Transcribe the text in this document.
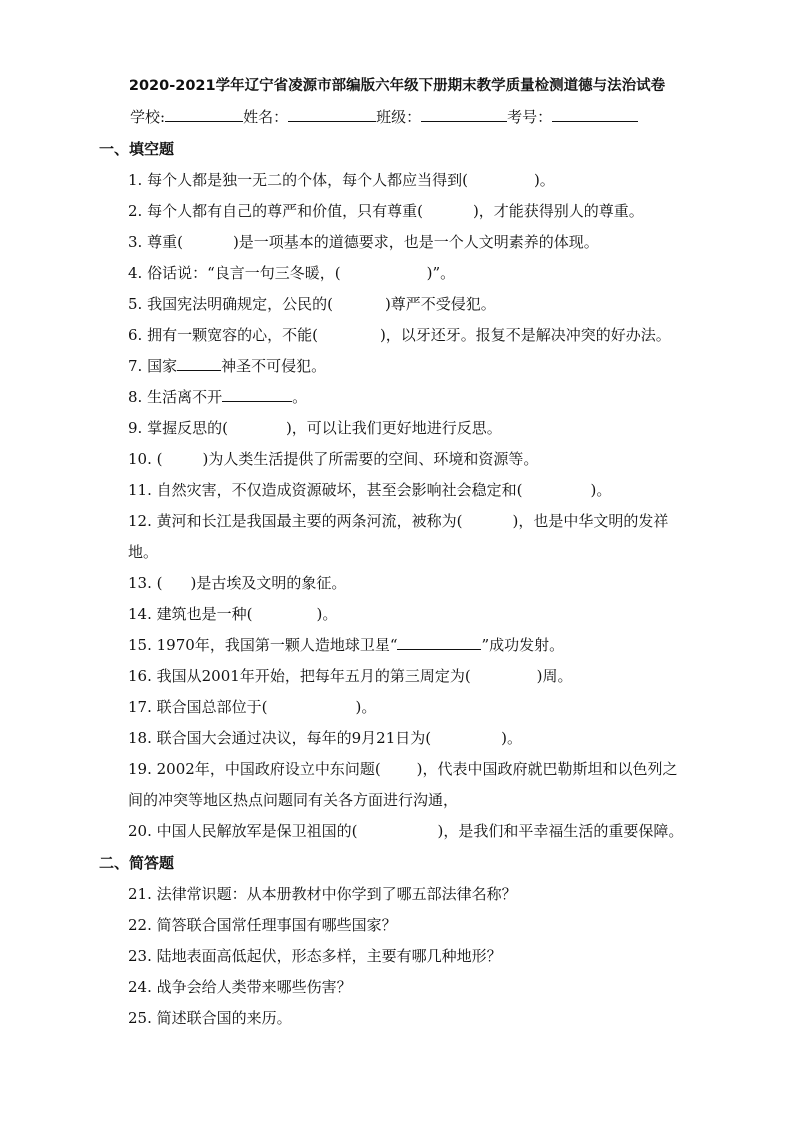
2020-2021学年辽宁省凌源市部编版六年级下册期末教学质量检测道德与法治试卷
学校:	姓名：	班级：	考号：
一、填空题
1. 每个人都是独一无二的个体，每个人都应当得到(	)。
2. 每个人都有自己的尊严和价值，只有尊重(	)，才能获得别人的尊重。
3. 尊重(	)是一项基本的道德要求，也是一个人文明素养的体现。
4. 俗话说：“良言一句三冬暖，(	)”。
5. 我国宪法明确规定，公民的(	)尊严不受侵犯。
6. 拥有一颗宽容的心，不能(	)，以牙还牙。报复不是解决冲突的好办法。
7. 国家	神圣不可侵犯。
8. 生活离不开	。
9. 掌握反思的(	)，可以让我们更好地进行反思。
10. (	)为人类生活提供了所需要的空间、环境和资源等。
11. 自然灾害，不仅造成资源破坏，甚至会影响社会稳定和(	)。
12. 黄河和长江是我国最主要的两条河流，被称为(	)，也是中华文明的发祥
地。
13. ( )是古埃及文明的象征。
14. 建筑也是一种(	)。
15. 1970年，我国第一颗人造地球卫星“	”成功发射。
16. 我国从2001年开始，把每年五月的第三周定为(	)周。
17. 联合国总部位于(	)。
18. 联合国大会通过决议，每年的9月21日为(	)。
19. 2002年，中国政府设立中东问题( )，代表中国政府就巴勒斯坦和以色列之
间的冲突等地区热点问题同有关各方面进行沟通，
20. 中国人民解放军是保卫祖国的(	)，是我们和平幸福生活的重要保障。
二、简答题
21. 法律常识题：从本册教材中你学到了哪五部法律名称？
22. 简答联合国常任理事国有哪些国家？
23. 陆地表面高低起伏，形态多样，主要有哪几种地形？
24. 战争会给人类带来哪些伤害？
25. 简述联合国的来历。
